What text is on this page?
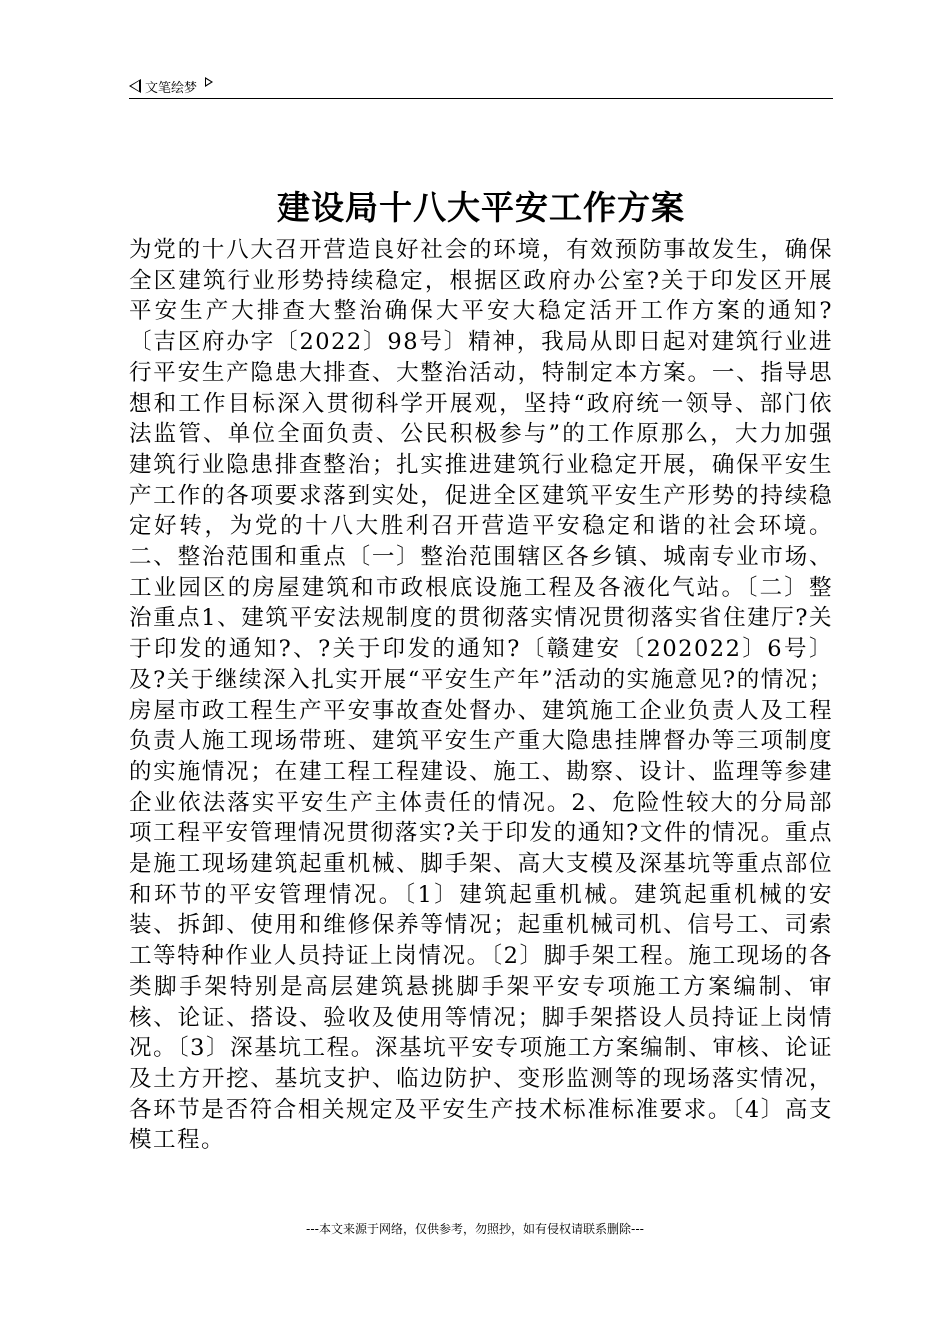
文笔绘梦
建设局十八大平安工作方案
为党的十八大召开营造良好社会的环境，有效预防事故发生，确保全区建筑行业形势持续稳定，根据区政府办公室?关于印发区开展平安生产大排查大整治确保大平安大稳定活开工作方案的通知?〔吉区府办字〔2022〕98号〕精神，我局从即日起对建筑行业进行平安生产隐患大排查、大整治活动，特制定本方案。一、指导思想和工作目标深入贯彻科学开展观，坚持“政府统一领导、部门依法监管、单位全面负责、公民积极参与”的工作原那么，大力加强建筑行业隐患排查整治；扎实推进建筑行业稳定开展，确保平安生产工作的各项要求落到实处，促进全区建筑平安生产形势的持续稳定好转，为党的十八大胜利召开营造平安稳定和谐的社会环境。二、整治范围和重点〔一〕整治范围辖区各乡镇、城南专业市场、工业园区的房屋建筑和市政根底设施工程及各液化气站。〔二〕整治重点1、建筑平安法规制度的贯彻落实情况贯彻落实省住建厅?关于印发的通知?、?关于印发的通知?〔赣建安〔202022〕6号〕及?关于继续深入扎实开展“平安生产年”活动的实施意见?的情况；房屋市政工程生产平安事故查处督办、建筑施工企业负责人及工程负责人施工现场带班、建筑平安生产重大隐患挂牌督办等三项制度的实施情况；在建工程工程建设、施工、勘察、设计、监理等参建企业依法落实平安生产主体责任的情况。2、危险性较大的分局部项工程平安管理情况贯彻落实?关于印发的通知?文件的情况。重点是施工现场建筑起重机械、脚手架、高大支模及深基坑等重点部位和环节的平安管理情况。〔1〕建筑起重机械。建筑起重机械的安装、拆卸、使用和维修保养等情况；起重机械司机、信号工、司索工等特种作业人员持证上岗情况。〔2〕脚手架工程。施工现场的各类脚手架特别是高层建筑悬挑脚手架平安专项施工方案编制、审核、论证、搭设、验收及使用等情况；脚手架搭设人员持证上岗情况。〔3〕深基坑工程。深基坑平安专项施工方案编制、审核、论证及土方开挖、基坑支护、临边防护、变形监测等的现场落实情况，各环节是否符合相关规定及平安生产技术标准标准要求。〔4〕高支模工程。
---本文来源于网络，仅供参考，勿照抄，如有侵权请联系删除---
